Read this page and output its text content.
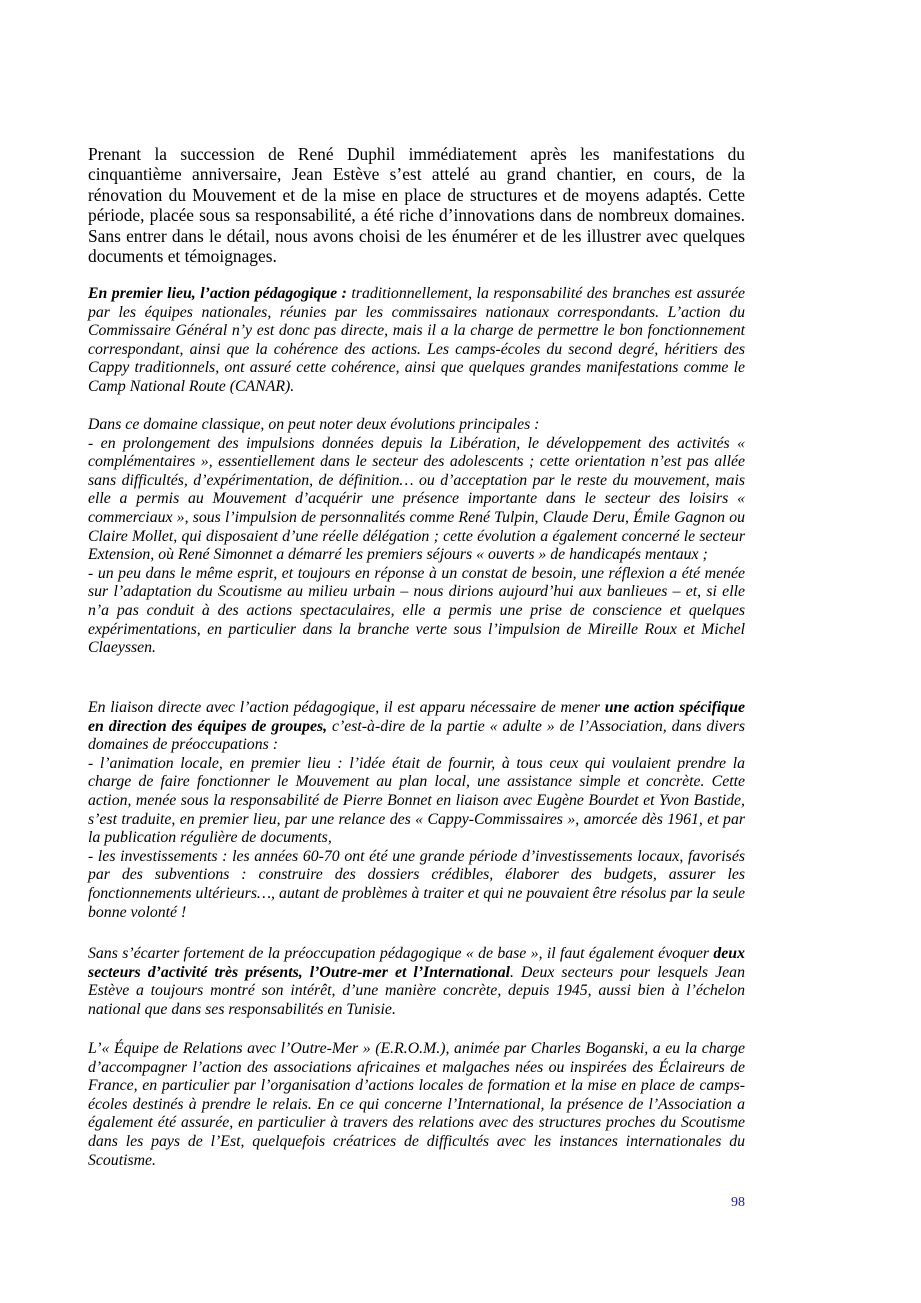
Prenant la succession de René Duphil immédiatement après les manifestations du cinquantième anniversaire, Jean Estève s’est attelé au grand chantier, en cours, de la rénovation du Mouvement et de la mise en place de structures et de moyens adaptés. Cette période, placée sous sa responsabilité, a été riche d’innovations dans de nombreux domaines. Sans entrer dans le détail, nous avons choisi de les énumérer et de les illustrer avec quelques documents et témoignages.

En premier lieu, l’action pédagogique : traditionnellement, la responsabilité des branches est assurée par les équipes nationales, réunies par les commissaires nationaux correspondants. L’action du Commissaire Général n’y est donc pas directe, mais il a la charge de permettre le bon fonctionnement correspondant, ainsi que la cohérence des actions. Les camps-écoles du second degré, héritiers des Cappy traditionnels, ont assuré cette cohérence, ainsi que quelques grandes manifestations comme le Camp National Route (CANAR).

Dans ce domaine classique, on peut noter deux évolutions principales :

- en prolongement des impulsions données depuis la Libération, le développement des activités « complémentaires », essentiellement dans le secteur des adolescents ; cette orientation n’est pas allée sans difficultés, d’expérimentation, de définition… ou d’acceptation par le reste du mouvement, mais elle a permis au Mouvement d’acquérir une présence importante dans le secteur des loisirs « commerciaux », sous l’impulsion de personnalités comme René Tulpin, Claude Deru, Émile Gagnon ou Claire Mollet, qui disposaient d’une réelle délégation ; cette évolution a également concerné le secteur Extension, où René Simonnet a démarré les premiers séjours « ouverts » de handicapés mentaux ;

- un peu dans le même esprit, et toujours en réponse à un constat de besoin, une réflexion a été menée sur l’adaptation du Scoutisme au milieu urbain – nous dirions aujourd’hui aux banlieues – et, si elle n’a pas conduit à des actions spectaculaires, elle a permis une prise de conscience et quelques expérimentations, en particulier dans la branche verte sous l’impulsion de Mireille Roux et Michel Claeyssen.

En liaison directe avec l’action pédagogique, il est apparu nécessaire de mener une action spécifique en direction des équipes de groupes, c’est-à-dire de la partie « adulte » de l’Association, dans divers domaines de préoccupations :

- l’animation locale, en premier lieu : l’idée était de fournir, à tous ceux qui voulaient prendre la charge de faire fonctionner le Mouvement au plan local, une assistance simple et concrète. Cette action, menée sous la responsabilité de Pierre Bonnet en liaison avec Eugène Bourdet et Yvon Bastide, s’est traduite, en premier lieu, par une relance des « Cappy-Commissaires », amorcée dès 1961, et par la publication régulière de documents,

- les investissements : les années 60-70 ont été une grande période d’investissements locaux, favorisés par des subventions : construire des dossiers crédibles, élaborer des budgets, assurer les fonctionnements ultérieurs…, autant de problèmes à traiter et qui ne pouvaient être résolus par la seule bonne volonté !

Sans s’écarter fortement de la préoccupation pédagogique « de base », il faut également évoquer deux secteurs d’activité très présents, l’Outre-mer et l’International. Deux secteurs pour lesquels Jean Estève a toujours montré son intérêt, d’une manière concrète, depuis 1945, aussi bien à l’échelon national que dans ses responsabilités en Tunisie.

L’« Équipe de Relations avec l’Outre-Mer » (E.R.O.M.), animée par Charles Boganski, a eu la charge d’accompagner l’action des associations africaines et malgaches nées ou inspirées des Éclaireurs de France, en particulier par l’organisation d’actions locales de formation et la mise en place de camps-écoles destinés à prendre le relais. En ce qui concerne l’International, la présence de l’Association a également été assurée, en particulier à travers des relations avec des structures proches du Scoutisme dans les pays de l’Est, quelquefois créatrices de difficultés avec les instances internationales du Scoutisme.

98
